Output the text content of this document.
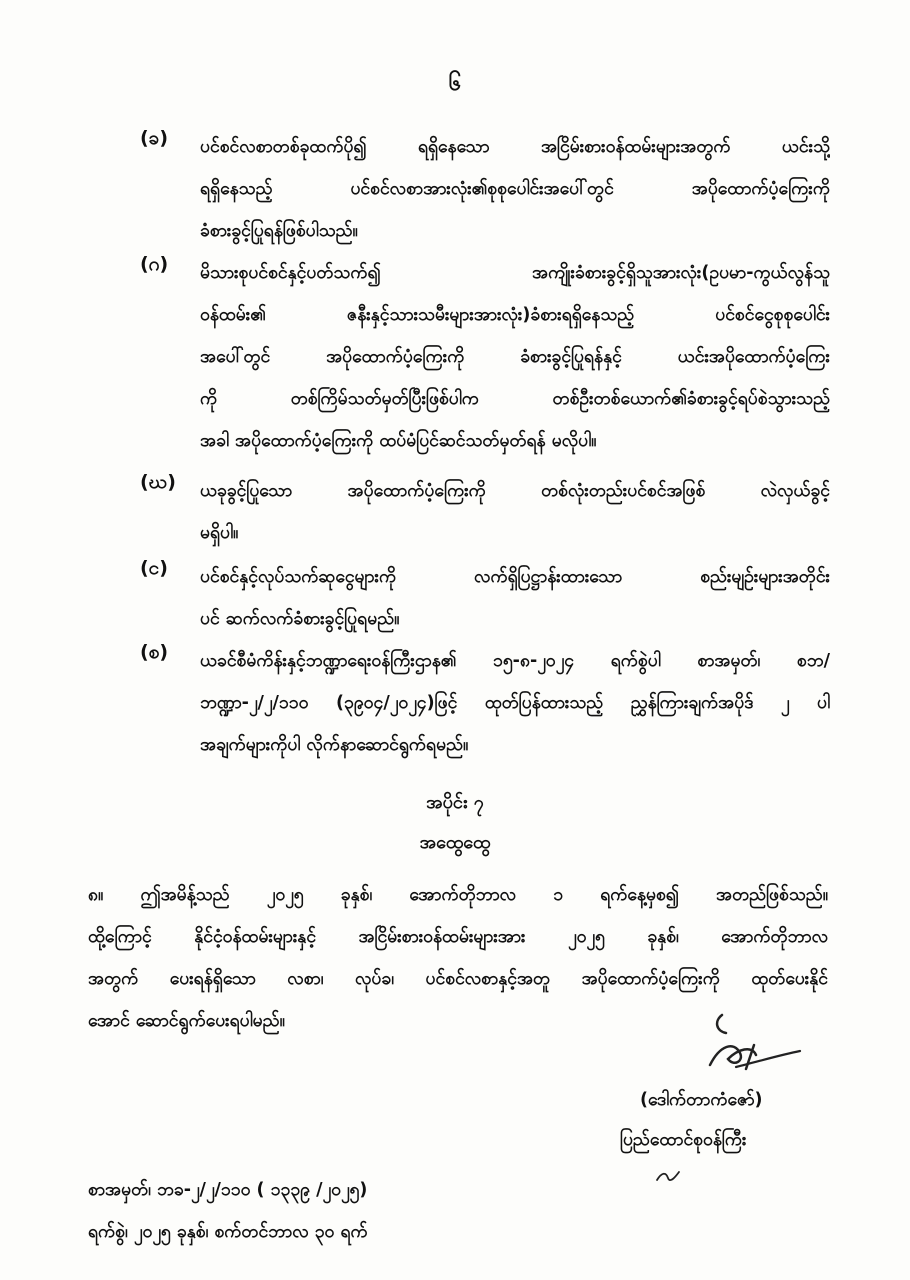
၆
(ခ)	ပင်စင်လစာတစ်ခုထက်ပို၍ ရရှိနေသော အငြိမ်းစားဝန်ထမ်းများအတွက် ယင်းသို့
ရရှိနေသည့် ပင်စင်လစာအားလုံး၏စုစုပေါင်းအပေါ်တွင် အပိုထောက်ပံ့ကြေးကို
ခံစားခွင့်ပြုရန်ဖြစ်ပါသည်။
(ဂ)	မိသားစုပင်စင်နှင့်ပတ်သက်၍ အကျိုးခံစားခွင့်ရှိသူအားလုံး(ဥပမာ-ကွယ်လွန်သူ
ဝန်ထမ်း၏ ဇနီးနှင့်သားသမီးများအားလုံး)ခံစားရရှိနေသည့် ပင်စင်ငွေစုစုပေါင်း
အပေါ်တွင် အပိုထောက်ပံ့ကြေးကို ခံစားခွင့်ပြုရန်နှင့် ယင်းအပိုထောက်ပံ့ကြေး
ကို တစ်ကြိမ်သတ်မှတ်ပြီးဖြစ်ပါက တစ်ဦးတစ်ယောက်၏ခံစားခွင့်ရပ်စဲသွားသည့်
အခါ အပိုထောက်ပံ့ကြေးကို ထပ်မံပြင်ဆင်သတ်မှတ်ရန် မလိုပါ။
(ဃ)	ယခုခွင့်ပြုသော အပိုထောက်ပံ့ကြေးကို တစ်လုံးတည်းပင်စင်အဖြစ် လဲလှယ်ခွင့်
မရှိပါ။
(င)	ပင်စင်နှင့်လုပ်သက်ဆုငွေများကို လက်ရှိပြဋ္ဌာန်းထားသော စည်းမျဉ်းများအတိုင်း
ပင် ဆက်လက်ခံစားခွင့်ပြုရမည်။
(စ)	ယခင်စီမံကိန်းနှင့်ဘဏ္ဍာရေးဝန်ကြီးဌာန၏ ၁၅-၈-၂၀၂၄ ရက်စွဲပါ စာအမှတ်၊ စဘ/
ဘဏ္ဍာ-၂/၂/၁၁၀ (၃၉၀၄/၂၀၂၄)ဖြင့် ထုတ်ပြန်ထားသည့် ညွှန်ကြားချက်အပိုဒ် ၂ ပါ
အချက်များကိုပါ လိုက်နာဆောင်ရွက်ရမည်။
အပိုင်း ၇
အထွေထွေ
၈။ ဤအမိန့်သည် ၂၀၂၅ ခုနှစ်၊ အောက်တိုဘာလ ၁ ရက်နေ့မှစ၍ အတည်ဖြစ်သည်။
ထို့ကြောင့် နိုင်ငံ့ဝန်ထမ်းများနှင့် အငြိမ်းစားဝန်ထမ်းများအား ၂၀၂၅ ခုနှစ်၊ အောက်တိုဘာလ
အတွက် ပေးရန်ရှိသော လစာ၊ လုပ်ခ၊ ပင်စင်လစာနှင့်အတူ အပိုထောက်ပံ့ကြေးကို ထုတ်ပေးနိုင်
အောင် ဆောင်ရွက်ပေးရပါမည်။
(ဒေါက်တာကံဇော်)
ပြည်ထောင်စုဝန်ကြီး
စာအမှတ်၊ ဘခ-၂/၂/၁၁၀ ( ၁၃၃၉ /၂၀၂၅)
ရက်စွဲ၊ ၂၀၂၅ ခုနှစ်၊ စက်တင်ဘာလ ၃၀ ရက်
